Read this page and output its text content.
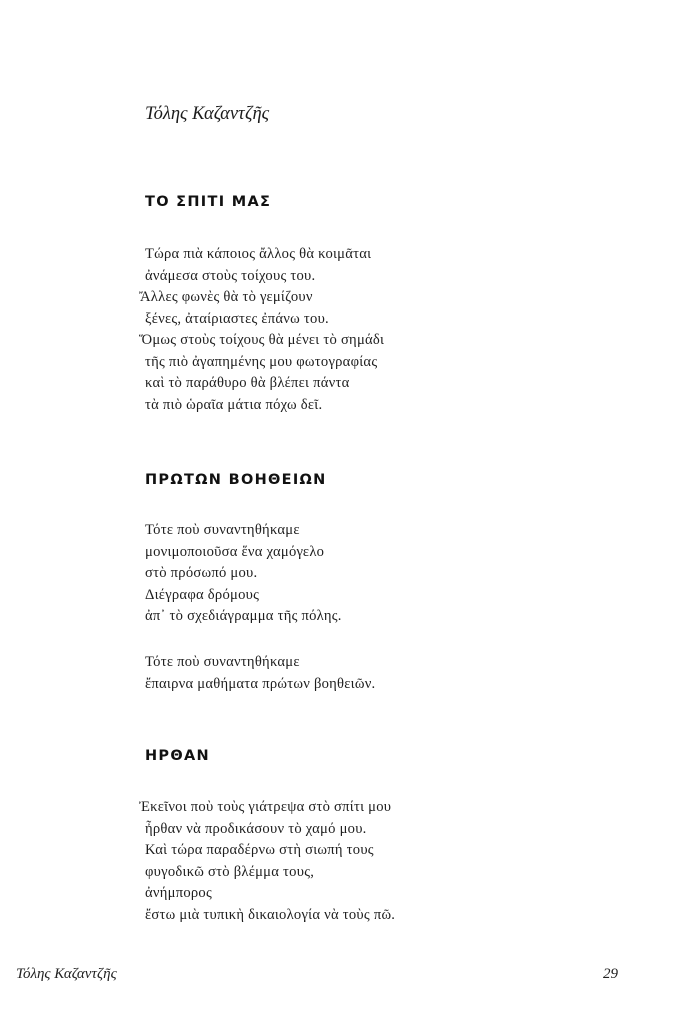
Τόλης Καζαντζῆς
ΤΟ ΣΠΙΤΙ ΜΑΣ
Τώρα πιὰ κάποιος ἄλλος θὰ κοιμᾶται
ἀνάμεσα στοὺς τοίχους του.
Ἄλλες φωνὲς θὰ τὸ γεμίζουν
ξένες, ἀταίριαστες ἐπάνω του.
Ὅμως στοὺς τοίχους θὰ μένει τὸ σημάδι
τῆς πιὸ ἀγαπημένης μου φωτογραφίας
καὶ τὸ παράθυρο θὰ βλέπει πάντα
τὰ πιὸ ὡραῖα μάτια πόχω δεῖ.
ΠΡΩΤΩΝ ΒΟΗΘΕΙΩΝ
Τότε ποὺ συναντηθήκαμε
μονιμοποιοῦσα ἕνα χαμόγελο
στὸ πρόσωπό μου.
Διέγραφα δρόμους
ἀπ᾿ τὸ σχεδιάγραμμα τῆς πόλης.
Τότε ποὺ συναντηθήκαμε
ἔπαιρνα μαθήματα πρώτων βοηθειῶν.
ΗΡΘΑΝ
Ἐκεῖνοι ποὺ τοὺς γιάτρεψα στὸ σπίτι μου
ἦρθαν νὰ προδικάσουν τὸ χαμό μου.
Καὶ τώρα παραδέρνω στὴ σιωπή τους
φυγοδικῶ στὸ βλέμμα τους,
ἀνήμπορος
ἔστω μιὰ τυπικὴ δικαιολογία νὰ τοὺς πῶ.
Τόλης Καζαντζῆς	29
